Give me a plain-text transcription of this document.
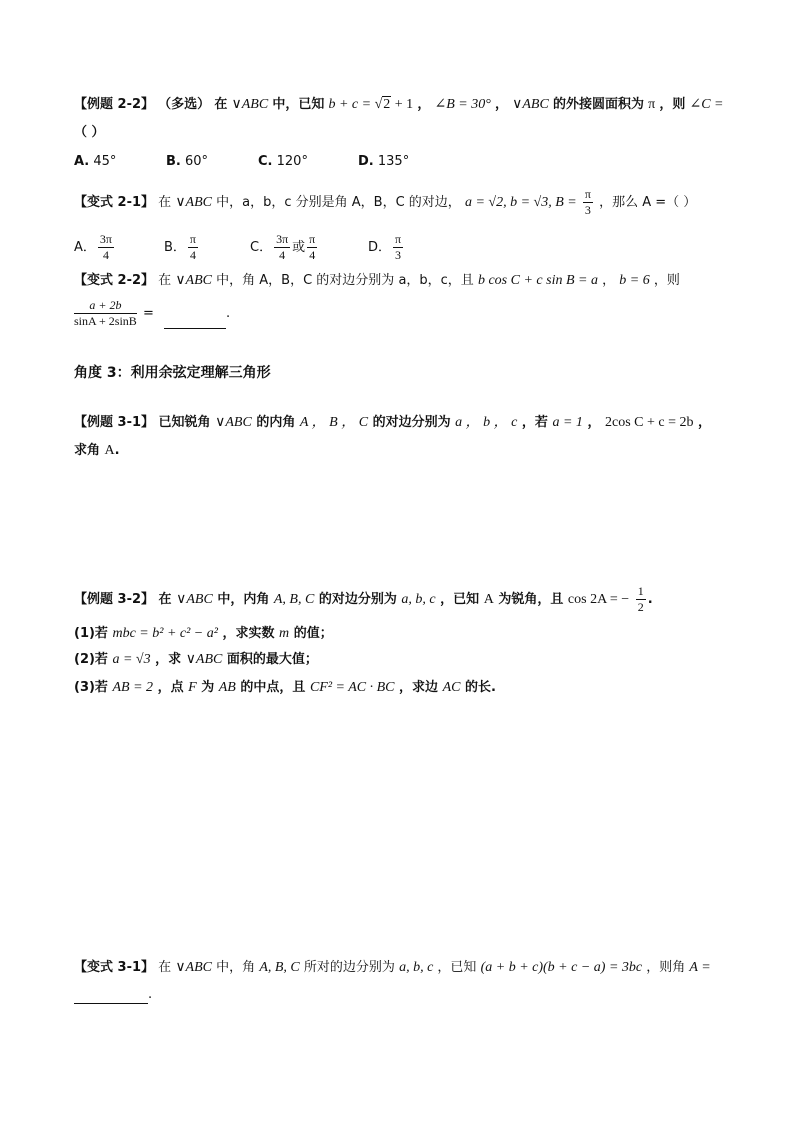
【例题 2-2】 （多选） 在 ∨ABC 中，已知 b + c = √2 + 1 ， ∠B = 30° ， ∨ABC 的外接圆面积为 π ，则 ∠C =
（ ）
A. 45°	B. 60°	C. 120°	D. 135°
【变式 2-1】 在 ∨ABC 中，a，b，c 分别是角 A，B，C 的对边， a = √2, b = √3, $B = \frac{\pi}{3}$ ，那么 A =（ ）
A． $\frac{3\pi}{4}$	B． $\frac{\pi}{4}$	C． $\frac{3\pi}{4}$ 或 $\frac{\pi}{4}$	D． $\frac{\pi}{3}$
【变式 2-2】 在 ∨ABC 中，角 A，B，C 的对边分别为 a，b，c，且 b cos C + c sin B = a ， b = 6 ，则
$\frac{a + 2b}{\sin A + 2\sin B}$ =	.
角度 3：利用余弦定理解三角形
【例题 3-1】 已知锐角 ∨ABC 的内角 A ， B ， C 的对边分别为 a ， b ， c ，若 a = 1 ， 2cos C + c = 2b ，
求角 A.
【例题 3-2】 在 ∨ABC 中，内角 A, B, C 的对边分别为 a, b, c ，已知 A 为锐角，且 cos 2A = − $\frac{1}{2}$ .
(1)若 mbc = b² + c² − a² ，求实数 m 的值；
(2)若 a = √3 ，求 ∨ABC 面积的最大值；
(3)若 AB = 2 ，点 F 为 AB 的中点，且 CF² = AC · BC ，求边 AC 的长.
【变式 3-1】 在 ∨ABC 中，角 A, B, C 所对的边分别为 a, b, c ，已知 (a + b + c)(b + c − a) = 3bc ，则角 A =
.
